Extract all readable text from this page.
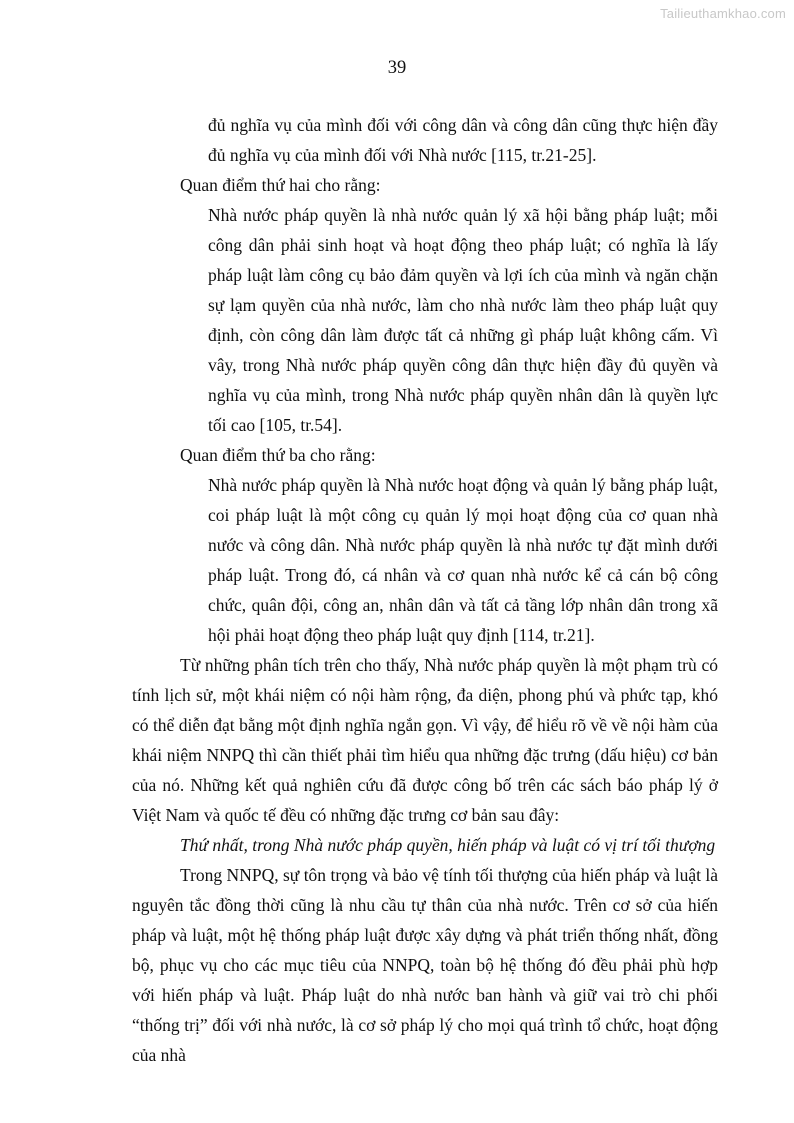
Tailieuthamkhao.com
39

đủ nghĩa vụ của mình đối với công dân và công dân cũng thực hiện đầy đủ nghĩa vụ của mình đối với Nhà nước [115, tr.21-25].

Quan điểm thứ hai cho rằng:

Nhà nước pháp quyền là nhà nước quản lý xã hội bằng pháp luật; mỗi công dân phải sinh hoạt và hoạt động theo pháp luật; có nghĩa là lấy pháp luật làm công cụ bảo đảm quyền và lợi ích của mình và ngăn chặn sự lạm quyền của nhà nước, làm cho nhà nước làm theo pháp luật quy định, còn công dân làm được tất cả những gì pháp luật không cấm. Vì vây, trong Nhà nước pháp quyền công dân thực hiện đầy đủ quyền và nghĩa vụ của mình, trong Nhà nước pháp quyền nhân dân là quyền lực tối cao [105, tr.54].

Quan điểm thứ ba cho rằng:

Nhà nước pháp quyền là Nhà nước hoạt động và quản lý bằng pháp luật, coi pháp luật là một công cụ quản lý mọi hoạt động của cơ quan nhà nước và công dân. Nhà nước pháp quyền là nhà nước tự đặt mình dưới pháp luật. Trong đó, cá nhân và cơ quan nhà nước kể cả cán bộ công chức, quân đội, công an, nhân dân và tất cả tầng lớp nhân dân trong xã hội phải hoạt động theo pháp luật quy định [114, tr.21].

Từ những phân tích trên cho thấy, Nhà nước pháp quyền là một phạm trù có tính lịch sử, một khái niệm có nội hàm rộng, đa diện, phong phú và phức tạp, khó có thể diễn đạt bằng một định nghĩa ngắn gọn. Vì vậy, để hiểu rõ về về nội hàm của khái niệm NNPQ thì cần thiết phải tìm hiểu qua những đặc trưng (dấu hiệu) cơ bản của nó. Những kết quả nghiên cứu đã được công bố trên các sách báo pháp lý ở Việt Nam và quốc tế đều có những đặc trưng cơ bản sau đây:

Thứ nhất, trong Nhà nước pháp quyền, hiến pháp và luật có vị trí tối thượng

Trong NNPQ, sự tôn trọng và bảo vệ tính tối thượng của hiến pháp và luật là nguyên tắc đồng thời cũng là nhu cầu tự thân của nhà nước. Trên cơ sở của hiến pháp và luật, một hệ thống pháp luật được xây dựng và phát triển thống nhất, đồng bộ, phục vụ cho các mục tiêu của NNPQ, toàn bộ hệ thống đó đều phải phù hợp với hiến pháp và luật. Pháp luật do nhà nước ban hành và giữ vai trò chi phối “thống trị” đối với nhà nước, là cơ sở pháp lý cho mọi quá trình tổ chức, hoạt động của nhà
